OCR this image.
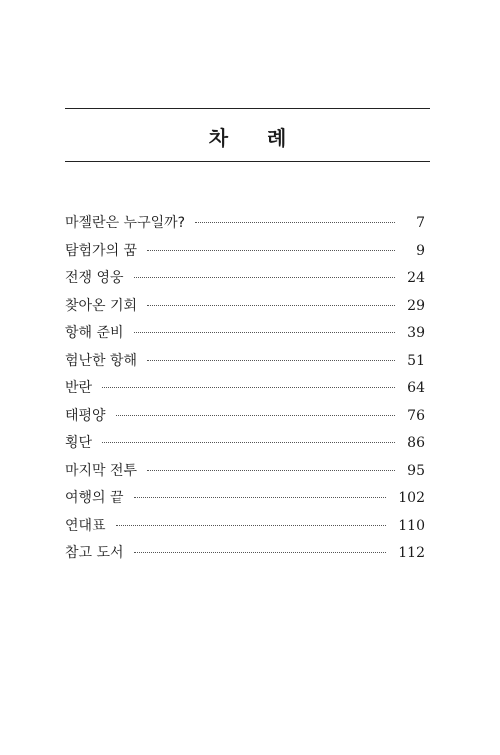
차 례
마젤란은 누구일까?	7
탐험가의 꿈	9
전쟁 영웅	24
찾아온 기회	29
항해 준비	39
험난한 항해	51
반란	64
태평양	76
횡단	86
마지막 전투	95
여행의 끝	102
연대표	110
참고 도서	112
